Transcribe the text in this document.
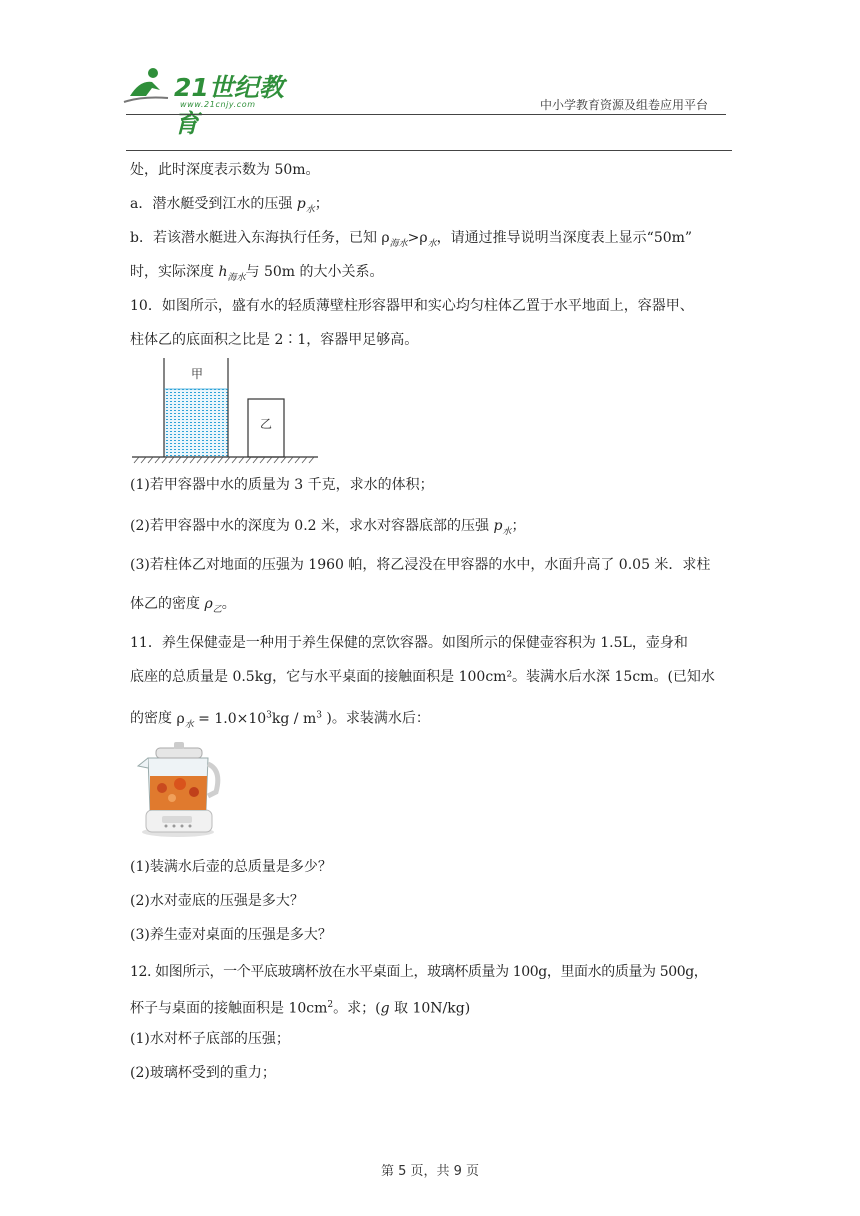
21世纪教育
www.21cnjy.com	中小学教育资源及组卷应用平台
处，此时深度表示数为 50m。
a．潜水艇受到江水的压强 $p_水$；
b．若该潜水艇进入东海执行任务，已知 $\rho_{海水}>\rho_水$，请通过推导说明当深度表上显示“50m”
时，实际深度 $h_{海水}$与 50m 的大小关系。
10．如图所示，盛有水的轻质薄壁柱形容器甲和实心均匀柱体乙置于水平地面上，容器甲、
柱体乙的底面积之比是 2∶1，容器甲足够高。
甲
乙
(1)若甲容器中水的质量为 3 千克，求水的体积；
(2)若甲容器中水的深度为 0.2 米，求水对容器底部的压强 $p_水$；
(3)若柱体乙对地面的压强为 1960 帕，将乙浸没在甲容器的水中，水面升高了 0.05 米．求柱
体乙的密度 $\rho_乙$。
11．养生保健壶是一种用于养生保健的烹饮容器。如图所示的保健壶容积为 1.5L，壶身和
底座的总质量是 0.5kg，它与水平桌面的接触面积是 100cm²。装满水后水深 15cm。(已知水
的密度 $\rho_水 = 1.0\times 10^3kg / m^3$ )。求装满水后：
(1)装满水后壶的总质量是多少？
(2)水对壶底的压强是多大？
(3)养生壶对桌面的压强是多大？
12. 如图所示，一个平底玻璃杯放在水平桌面上，玻璃杯质量为 100g，里面水的质量为 500g，
杯子与桌面的接触面积是 $10cm^2$。求；(g 取 10N/kg)
(1)水对杯子底部的压强；
(2)玻璃杯受到的重力；
第 5 页，共 9 页
